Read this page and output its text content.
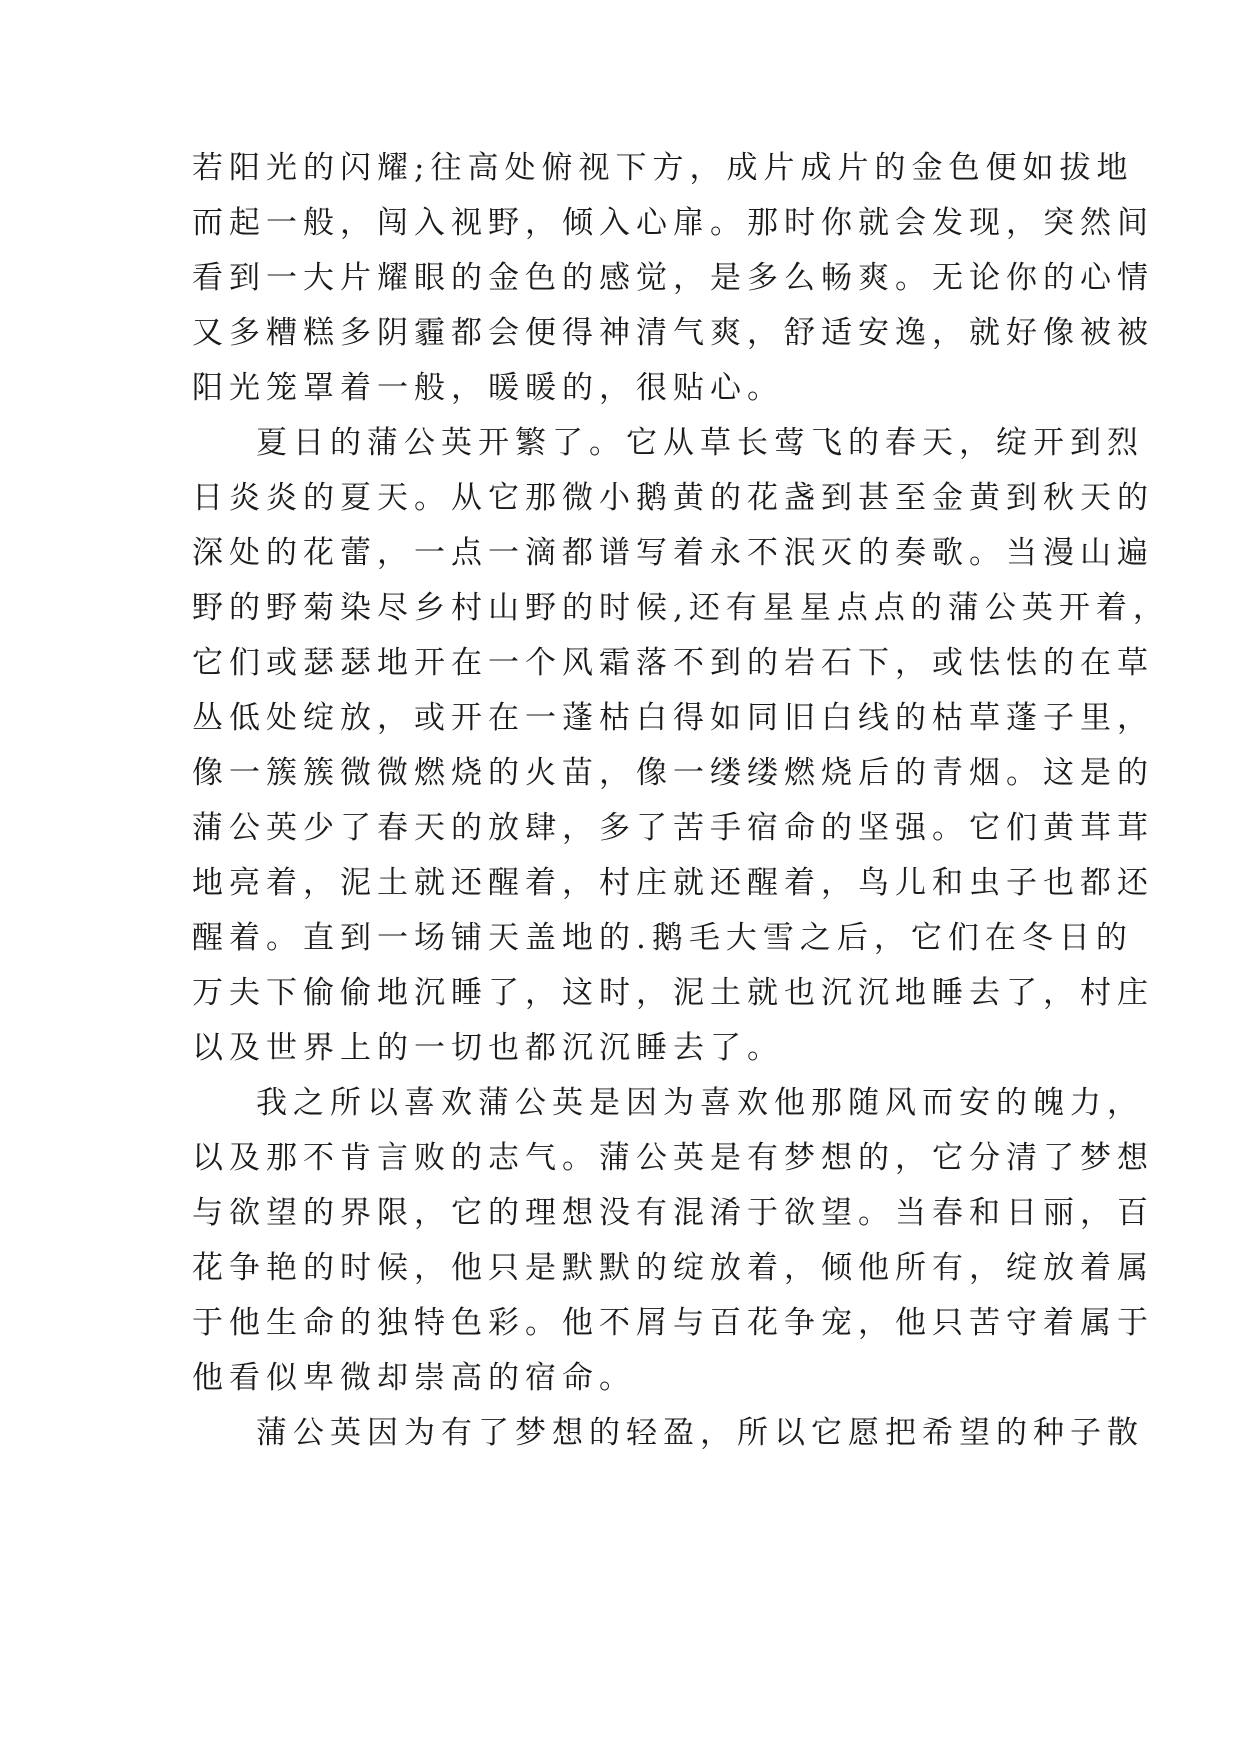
若阳光的闪耀;往高处俯视下方，成片成片的金色便如拔地
而起一般，闯入视野，倾入心扉。那时你就会发现，突然间
看到一大片耀眼的金色的感觉，是多么畅爽。无论你的心情
又多糟糕多阴霾都会便得神清气爽，舒适安逸，就好像被被
阳光笼罩着一般，暖暖的，很贴心。
夏日的蒲公英开繁了。它从草长莺飞的春天，绽开到烈
日炎炎的夏天。从它那微小鹅黄的花盏到甚至金黄到秋天的
深处的花蕾，一点一滴都谱写着永不泯灭的奏歌。当漫山遍
野的野菊染尽乡村山野的时候,还有星星点点的蒲公英开着，
它们或瑟瑟地开在一个风霜落不到的岩石下，或怯怯的在草
丛低处绽放，或开在一蓬枯白得如同旧白线的枯草蓬子里，
像一簇簇微微燃烧的火苗，像一缕缕燃烧后的青烟。这是的
蒲公英少了春天的放肆，多了苦手宿命的坚强。它们黄茸茸
地亮着，泥土就还醒着，村庄就还醒着，鸟儿和虫子也都还
醒着。直到一场铺天盖地的.鹅毛大雪之后，它们在冬日的
万夫下偷偷地沉睡了，这时，泥土就也沉沉地睡去了，村庄
以及世界上的一切也都沉沉睡去了。
我之所以喜欢蒲公英是因为喜欢他那随风而安的魄力，
以及那不肯言败的志气。蒲公英是有梦想的，它分清了梦想
与欲望的界限，它的理想没有混淆于欲望。当春和日丽，百
花争艳的时候，他只是默默的绽放着，倾他所有，绽放着属
于他生命的独特色彩。他不屑与百花争宠，他只苦守着属于
他看似卑微却崇高的宿命。
蒲公英因为有了梦想的轻盈，所以它愿把希望的种子散
